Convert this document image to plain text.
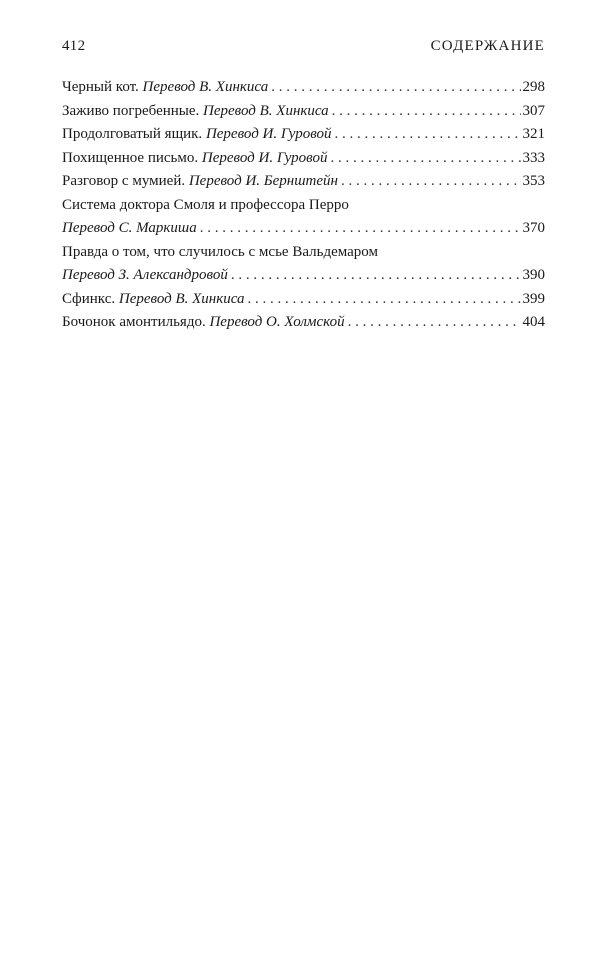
412	СОДЕРЖАНИЕ
Черный кот. Перевод В. Хинкиса . . .	298
Заживо погребенные. Перевод В. Хинкиса . . .	307
Продолговатый ящик. Перевод И. Гуровой . . .	321
Похищенное письмо. Перевод И. Гуровой . . .	333
Разговор с мумией. Перевод И. Бернштейн . . .	353
Система доктора Смоля и профессора Перро
Перевод С. Маркиша . . .	370
Правда о том, что случилось с мсье Вальдемаром
Перевод З. Александровой . . .	390
Сфинкс. Перевод В. Хинкиса . . .	399
Бочонок амонтильядо. Перевод О. Холмской . . .	404
